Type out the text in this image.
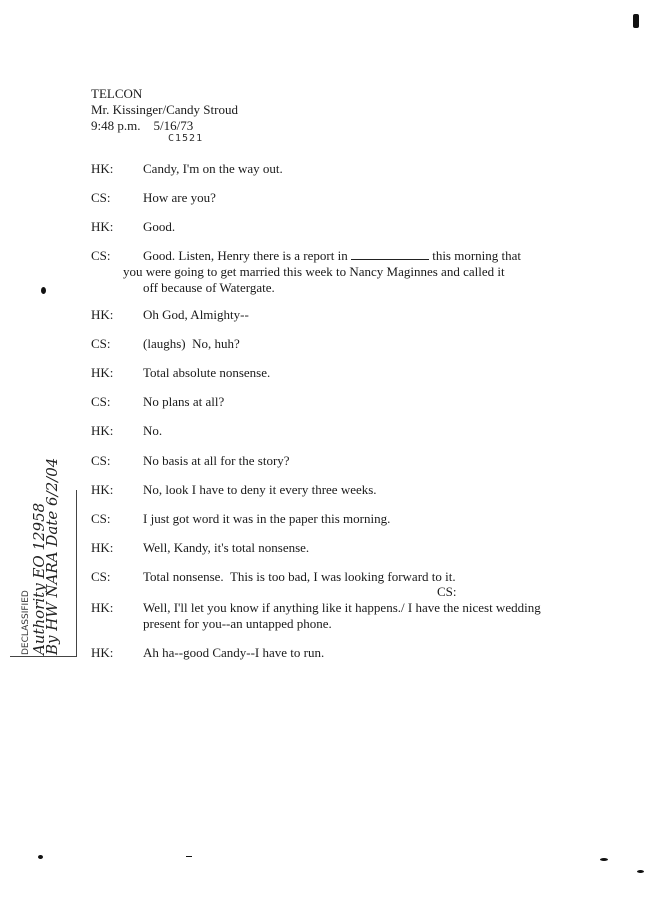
TELCON
Mr. Kissinger/Candy Stroud
9:48 p.m.    5/16/73
C1521
HK: Candy, I'm on the way out.
CS: How are you?
HK: Good.
CS: Good. Listen, Henry there is a report in	this morning that
you were going to get married this week to Nancy Maginnes and called it
off because of Watergate.
HK: Oh God, Almighty--
CS: (laughs)  No, huh?
HK: Total absolute nonsense.
CS: No plans at all?
HK: No.
CS: No basis at all for the story?
HK: No, look I have to deny it every three weeks.
CS: I just got word it was in the paper this morning.
HK: Well, Kandy, it's total nonsense.
CS: Total nonsense.  This is too bad, I was looking forward to it.
CS:
HK: Well, I'll let you know if anything like it happens./ I have the nicest wedding
present for you--an untapped phone.
HK: Ah ha--good Candy--I have to run.
DECLASSIFIED Authority EO 12958
By HW NARA Date 6/2/04
